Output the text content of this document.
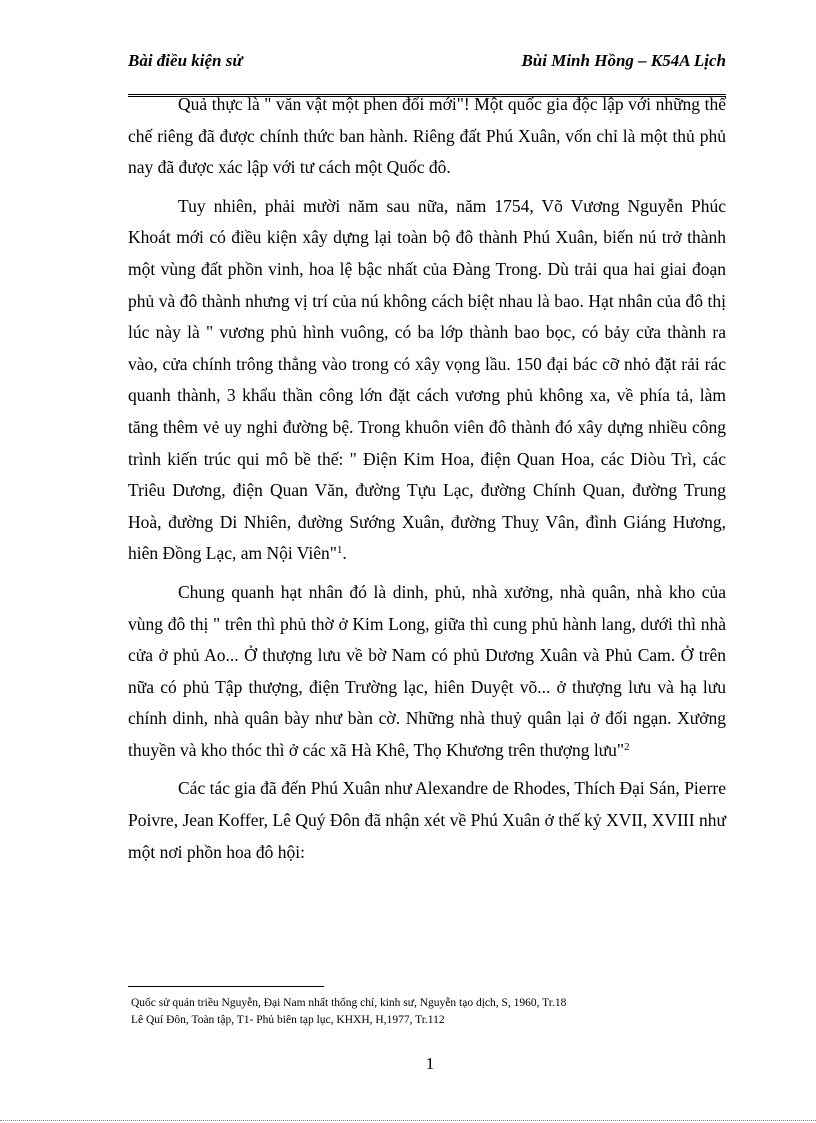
Bài điều kiện sử	Bùi Minh Hồng – K54A Lịch

Quả thực là " văn vật một phen đổi mới"! Một quốc gia độc lập với những thể chế riêng đã được chính thức ban hành. Riêng đất Phú Xuân, vốn chỉ là một thủ phủ nay đã được xác lập với tư cách một Quốc đô.

Tuy nhiên, phải mười năm sau nữa, năm 1754, Võ Vương Nguyễn Phúc Khoát mới có điều kiện xây dựng lại toàn bộ đô thành Phú Xuân, biến nú trở thành một vùng đất phồn vinh, hoa lệ bậc nhất của Đàng Trong. Dù trải qua hai giai đoạn phủ và đô thành nhưng vị trí của nú không cách biệt nhau là bao. Hạt nhân của đô thị lúc này là " vương phủ hình vuông, có ba lớp thành bao bọc, có bảy cửa thành ra vào, cửa chính trông thẳng vào trong có xây vọng lầu. 150 đại bác cỡ nhỏ đặt rải rác quanh thành, 3 khẩu thần công lớn đặt cách vương phủ không xa, về phía tả, làm tăng thêm vẻ uy nghi đường bệ. Trong khuôn viên đô thành đó xây dựng nhiều công trình kiến trúc qui mô bề thế: " Điện Kim Hoa, điện Quan Hoa, các Diòu Trì, các Triêu Dương, điện Quan Văn, đường Tựu Lạc, đường Chính Quan, đường Trung Hoà, đường Di Nhiên, đường Sướng Xuân, đường Thuỵ Vân, đình Giáng Hương, hiên Đồng Lạc, am Nội Viên"$^1$.

Chung quanh hạt nhân đó là dinh, phủ, nhà xưởng, nhà quân, nhà kho của vùng đô thị " trên thì phủ thờ ở Kim Long, giữa thì cung phủ hành lang, dưới thì nhà cửa ở phủ Ao... Ở thượng lưu về bờ Nam có phủ Dương Xuân và Phủ Cam. Ở trên nữa có phủ Tập thượng, điện Trường lạc, hiên Duyệt võ... ở thượng lưu và hạ lưu chính dinh, nhà quân bày như bàn cờ. Những nhà thuỷ quân lại ở đối ngạn. Xưởng thuyền và kho thóc thì ở các xã Hà Khê, Thọ Khương trên thượng lưu"$^2$

Các tác gia đã đến Phú Xuân như Alexandre de Rhodes, Thích Đại Sán, Pierre Poivre, Jean Koffer, Lê Quý Đôn đã nhận xét về Phú Xuân ở thế kỷ XVII, XVIII như một nơi phồn hoa đô hội:

Quốc sử quán triều Nguyễn, Đại Nam nhất thống chí, kinh sư, Nguyễn tạo dịch, S, 1960, Tr.18
Lê Quí Đôn, Toàn tập, T1- Phủ biên tạp lục, KHXH, H,1977, Tr.112
1
